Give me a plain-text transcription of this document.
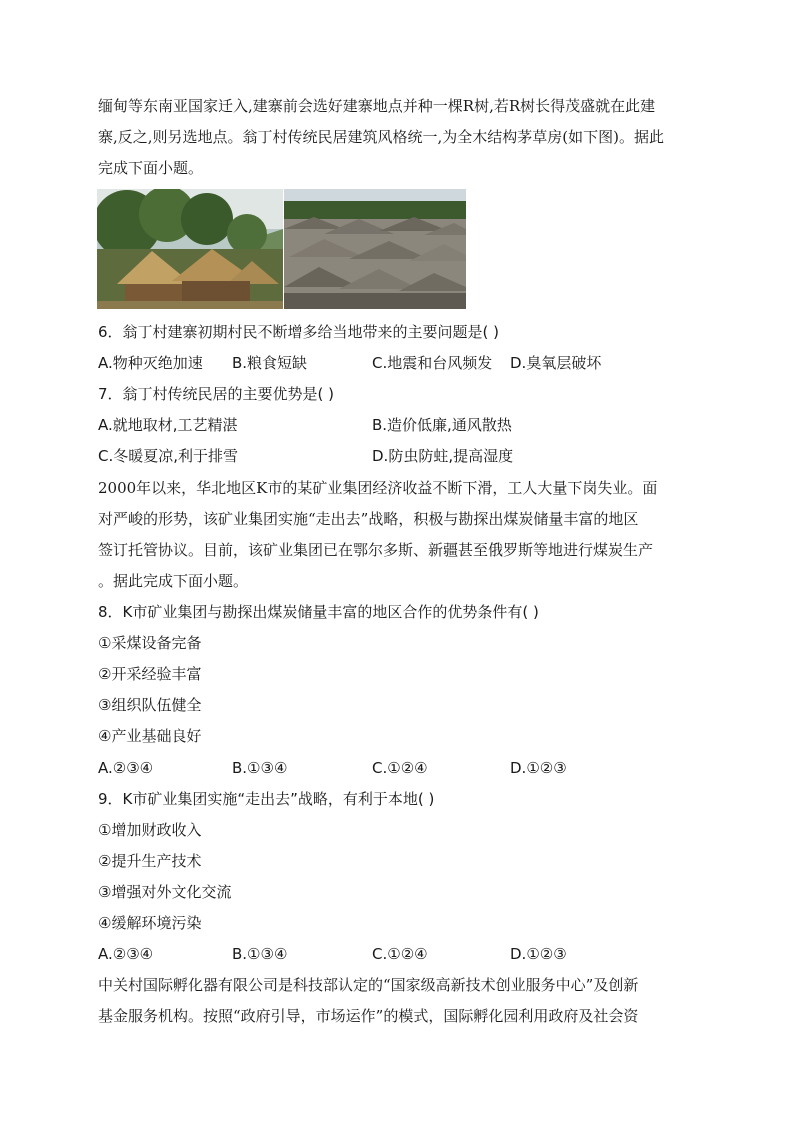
缅甸等东南亚国家迁入,建寨前会选好建寨地点并种一棵R树,若R树长得茂盛就在此建
寨,反之,则另选地点。翁丁村传统民居建筑风格统一,为全木结构茅草房(如下图)。据此
完成下面小题。
6．翁丁村建寨初期村民不断增多给当地带来的主要问题是( )
A.物种灭绝加速 B.粮食短缺	C.地震和台风频发 D.臭氧层破坏
7．翁丁村传统民居的主要优势是( )
A.就地取材,工艺精湛	B.造价低廉,通风散热
C.冬暖夏凉,利于排雪	D.防虫防蛀,提高湿度
2000年以来，华北地区K市的某矿业集团经济收益不断下滑，工人大量下岗失业。面
对严峻的形势，该矿业集团实施“走出去”战略，积极与勘探出煤炭储量丰富的地区
签订托管协议。目前，该矿业集团已在鄂尔多斯、新疆甚至俄罗斯等地进行煤炭生产
。据此完成下面小题。
8．K市矿业集团与勘探出煤炭储量丰富的地区合作的优势条件有( )
①采煤设备完备
②开采经验丰富
③组织队伍健全
④产业基础良好
A.②③④	B.①③④	C.①②④	D.①②③
9．K市矿业集团实施“走出去”战略，有利于本地( )
①增加财政收入
②提升生产技术
③增强对外文化交流
④缓解环境污染
A.②③④	B.①③④	C.①②④	D.①②③
中关村国际孵化器有限公司是科技部认定的“国家级高新技术创业服务中心”及创新
基金服务机构。按照“政府引导，市场运作”的模式，国际孵化园利用政府及社会资
